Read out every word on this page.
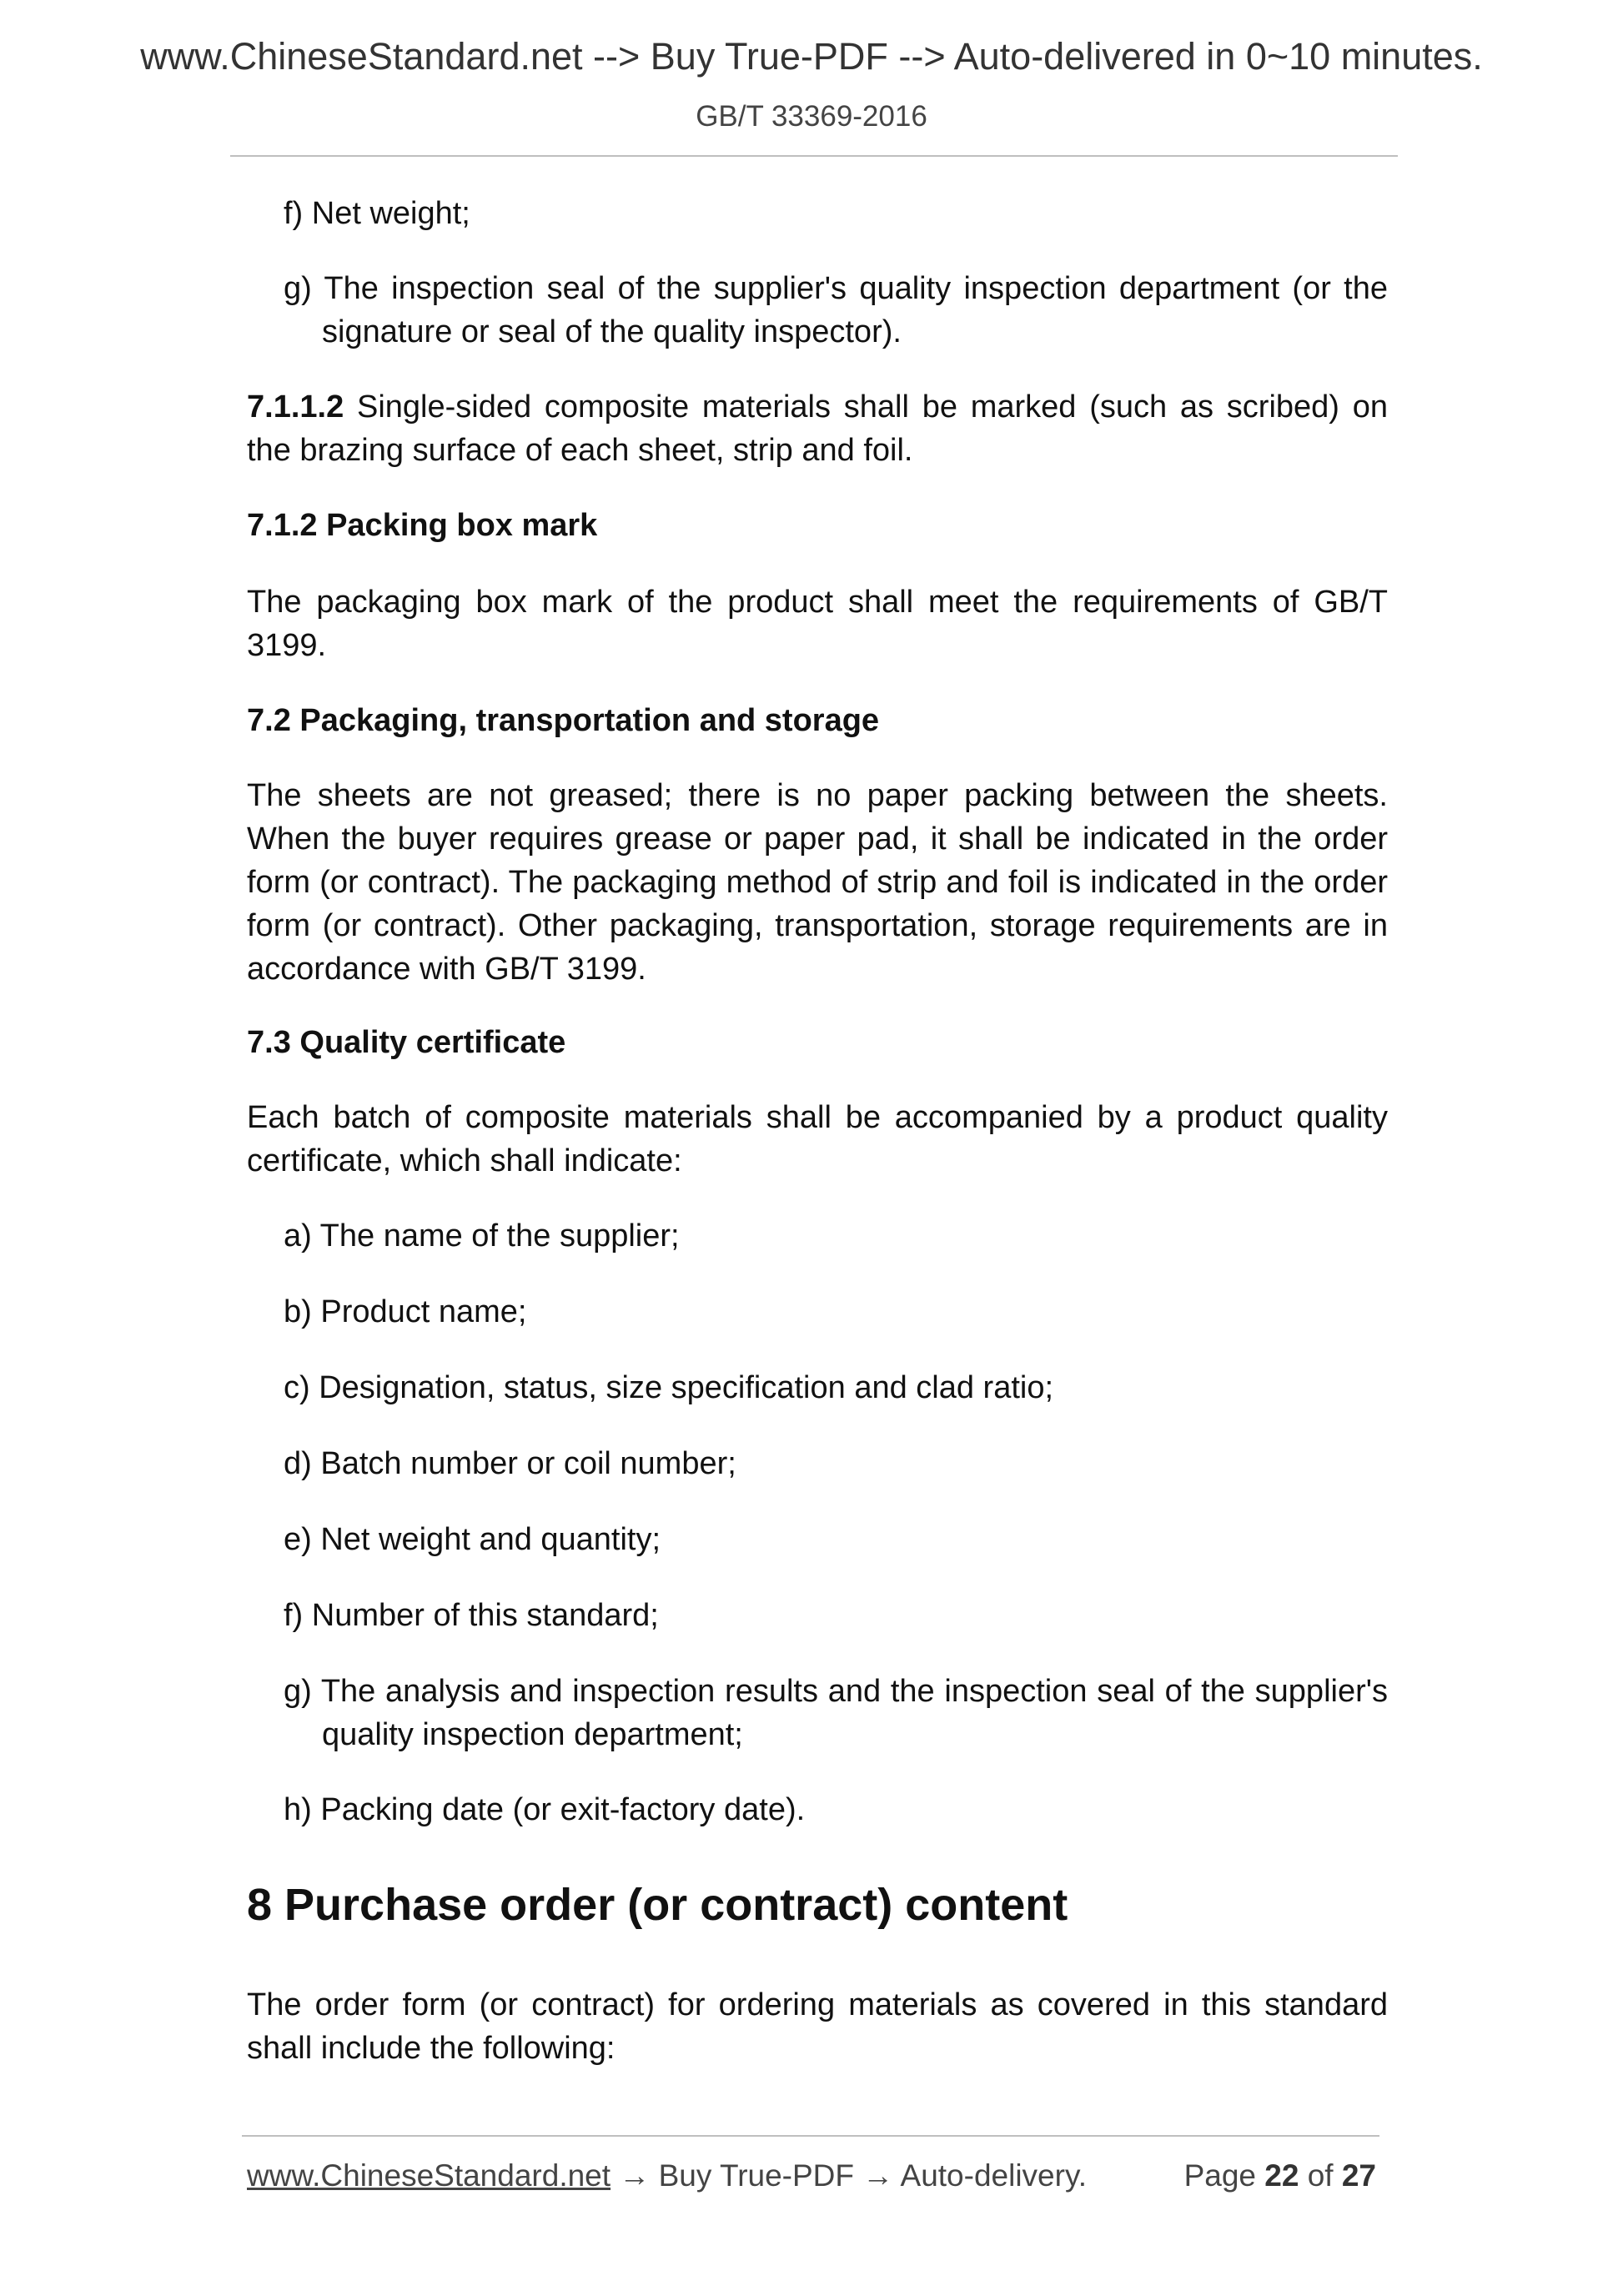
www.ChineseStandard.net --> Buy True-PDF --> Auto-delivered in 0~10 minutes.
GB/T 33369-2016
f) Net weight;
g) The inspection seal of the supplier's quality inspection department (or the signature or seal of the quality inspector).
7.1.1.2 Single-sided composite materials shall be marked (such as scribed) on the brazing surface of each sheet, strip and foil.
7.1.2 Packing box mark
The packaging box mark of the product shall meet the requirements of GB/T 3199.
7.2 Packaging, transportation and storage
The sheets are not greased; there is no paper packing between the sheets. When the buyer requires grease or paper pad, it shall be indicated in the order form (or contract). The packaging method of strip and foil is indicated in the order form (or contract). Other packaging, transportation, storage requirements are in accordance with GB/T 3199.
7.3 Quality certificate
Each batch of composite materials shall be accompanied by a product quality certificate, which shall indicate:
a) The name of the supplier;
b) Product name;
c) Designation, status, size specification and clad ratio;
d) Batch number or coil number;
e) Net weight and quantity;
f) Number of this standard;
g) The analysis and inspection results and the inspection seal of the supplier's quality inspection department;
h) Packing date (or exit-factory date).
8 Purchase order (or contract) content
The order form (or contract) for ordering materials as covered in this standard shall include the following:
www.ChineseStandard.net → Buy True-PDF → Auto-delivery.	Page 22 of 27
